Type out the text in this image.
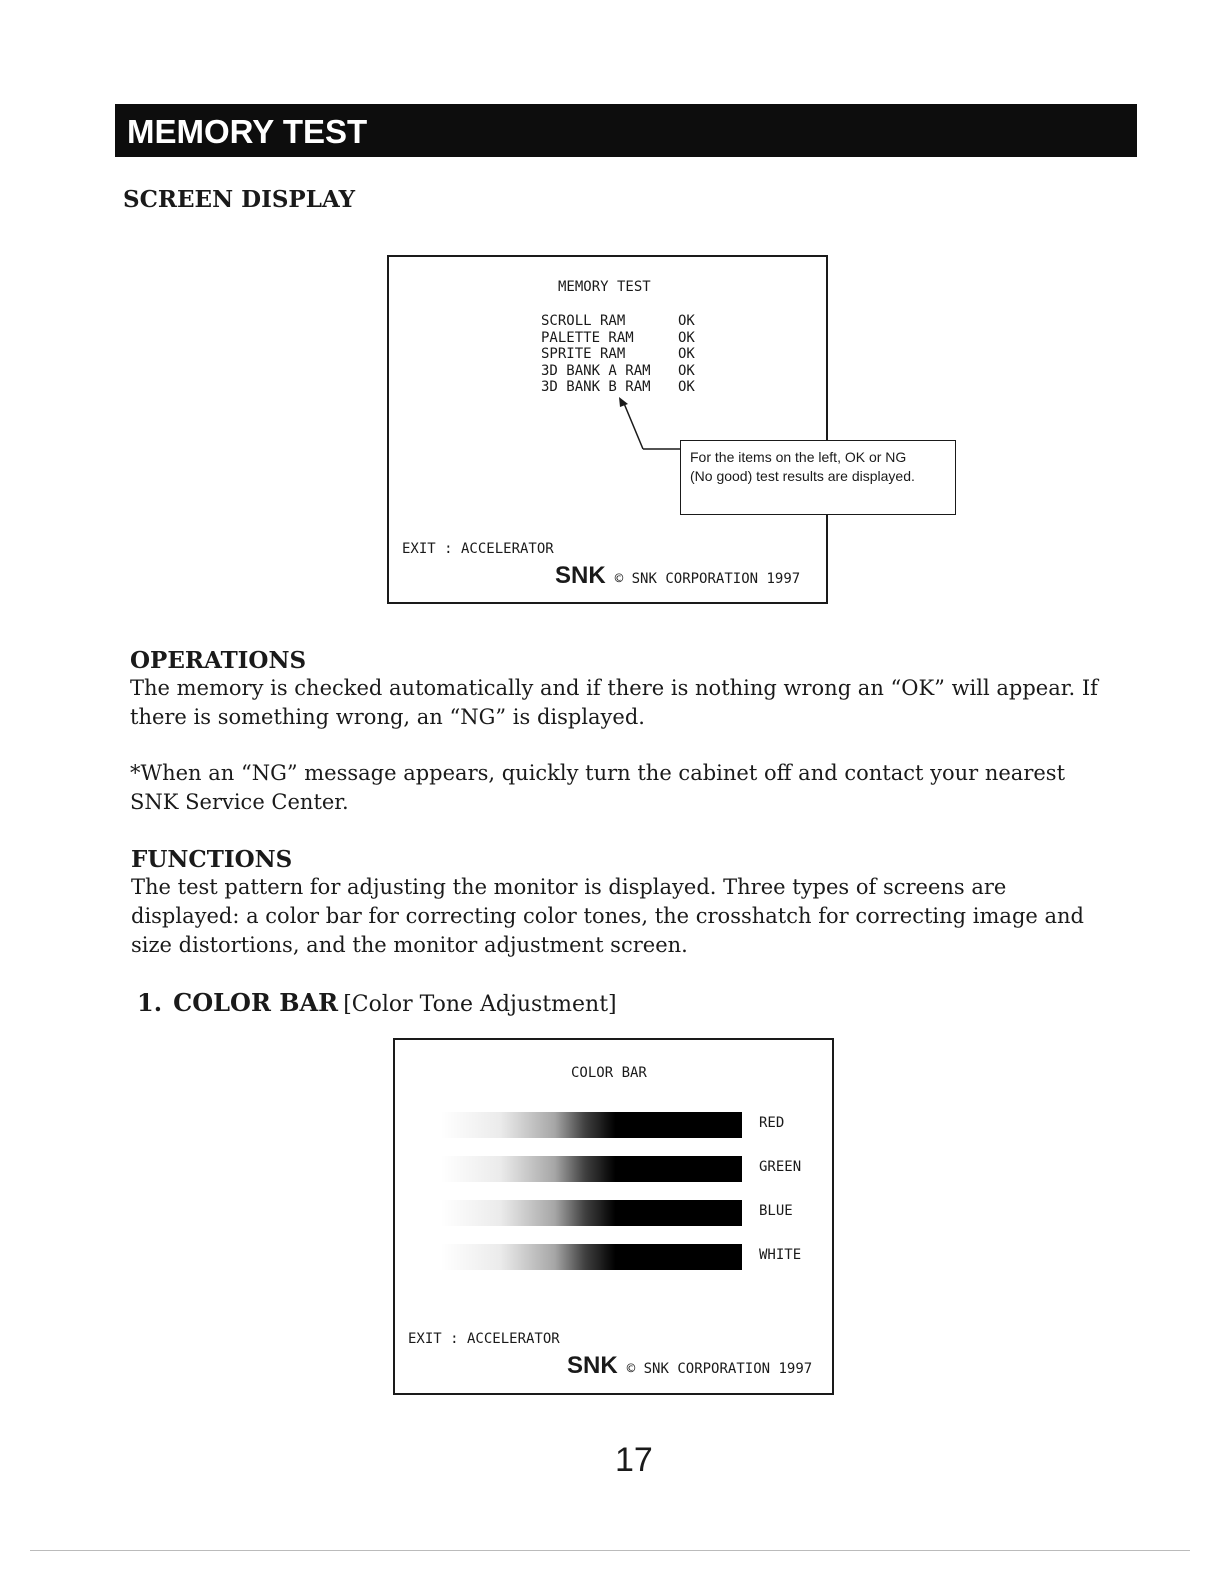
MEMORY TEST
SCREEN DISPLAY
MEMORY TEST
SCROLL RAM	OK
PALETTE RAM	OK
SPRITE RAM	OK
3D BANK A RAM OK
3D BANK B RAM OK
EXIT : ACCELERATOR
SNK © SNK CORPORATION 1997
For the items on the left, OK or NG
(No good) test results are displayed.
OPERATIONS
The memory is checked automatically and if there is nothing wrong an “OK” will appear. If
there is something wrong, an “NG” is displayed.
*When an “NG” message appears, quickly turn the cabinet off and contact your nearest
SNK Service Center.
FUNCTIONS
The test pattern for adjusting the monitor is displayed. Three types of screens are
displayed: a color bar for correcting color tones, the crosshatch for correcting image and
size distortions, and the monitor adjustment screen.
1. COLOR BAR [Color Tone Adjustment]
COLOR BAR
RED
GREEN
BLUE
WHITE
EXIT : ACCELERATOR
SNK © SNK CORPORATION 1997
17
